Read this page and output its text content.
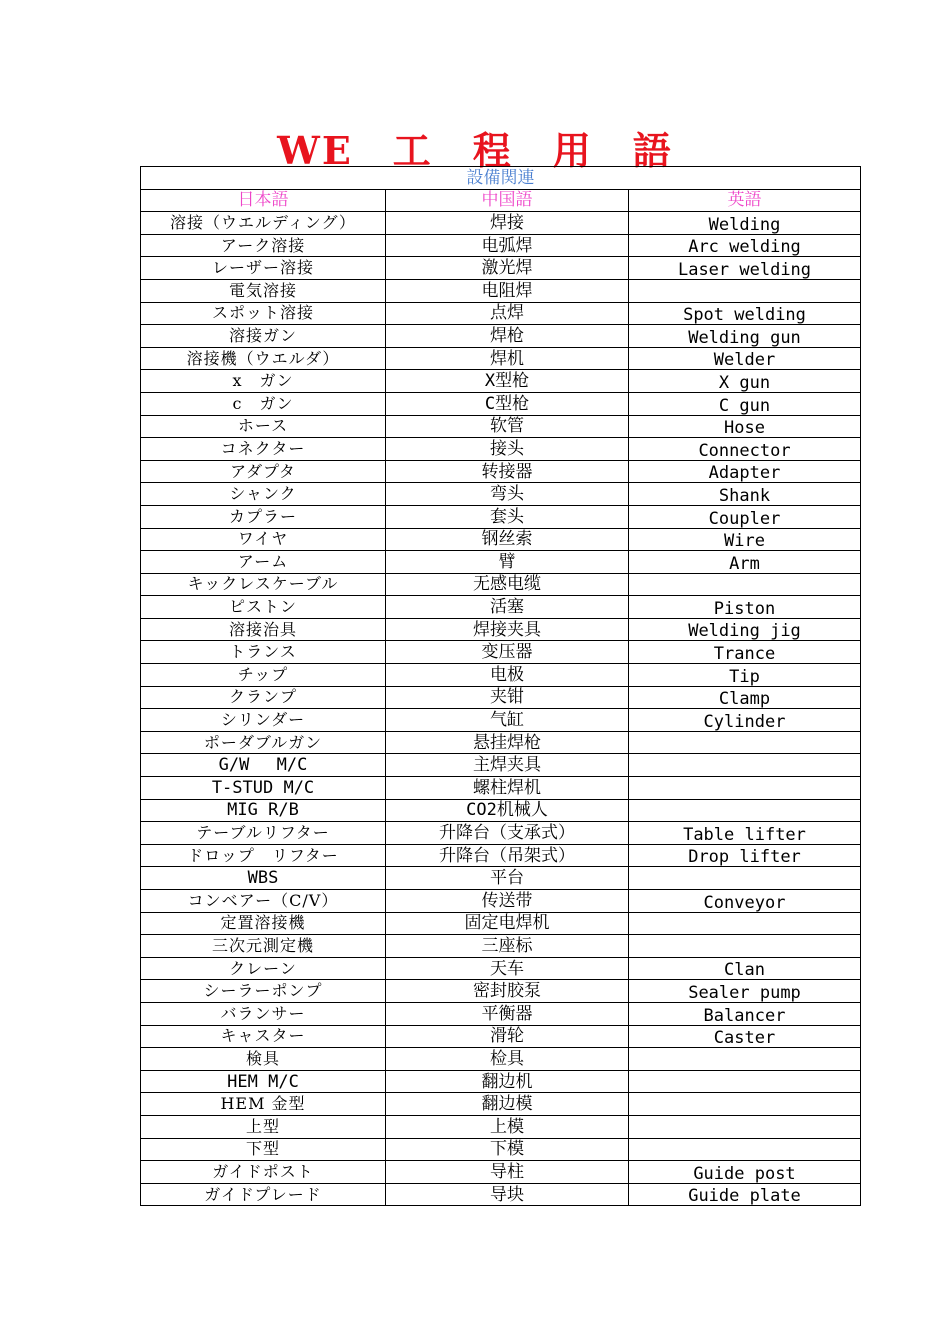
WE　工　程　用　語
設備関連		
日本語	中国語	英語
溶接（ウエルディング）	焊接	Welding
アーク溶接	电弧焊	Arc welding
レーザー溶接	激光焊	Laser welding
電気溶接	电阻焊	
スポット溶接	点焊	Spot welding
溶接ガン	焊枪	Welding gun
溶接機（ウエルダ）	焊机	Welder
x　ガン	X型枪	X gun
c　ガン	C型枪	C gun
ホース	软管	Hose
コネクター	接头	Connector
アダプタ	转接器	Adapter
シャンク	弯头	Shank
カプラー	套头	Coupler
ワイヤ	钢丝索	Wire
アーム	臂	Arm
キックレスケーブル	无感电缆	
ピストン	活塞	Piston
溶接治具	焊接夹具	Welding jig
トランス	变压器	Trance
チップ	电极	Tip
クランプ	夹钳	Clamp
シリンダー	气缸	Cylinder
ポーダブルガン	悬挂焊枪	
G/W　 M/C	主焊夹具	
T-STUD M/C	螺柱焊机	
MIG R/B	CO2机械人	
テーブルリフター	升降台（支承式）	Table lifter
ドロップ　リフター	升降台（吊架式）	Drop lifter
WBS	平台	
コンベアー（C/V）	传送带	Conveyor
定置溶接機	固定电焊机	
三次元測定機	三座标	
クレーン	天车	Clan
シーラーポンプ	密封胶泵	Sealer pump
バランサー	平衡器	Balancer
キャスター	滑轮	Caster
検具	检具	
HEM M/C	翻边机	
HEM 金型	翻边模	
上型	上模	
下型	下模	
ガイドポスト	导柱	Guide post
ガイドプレード	导块	Guide plate
